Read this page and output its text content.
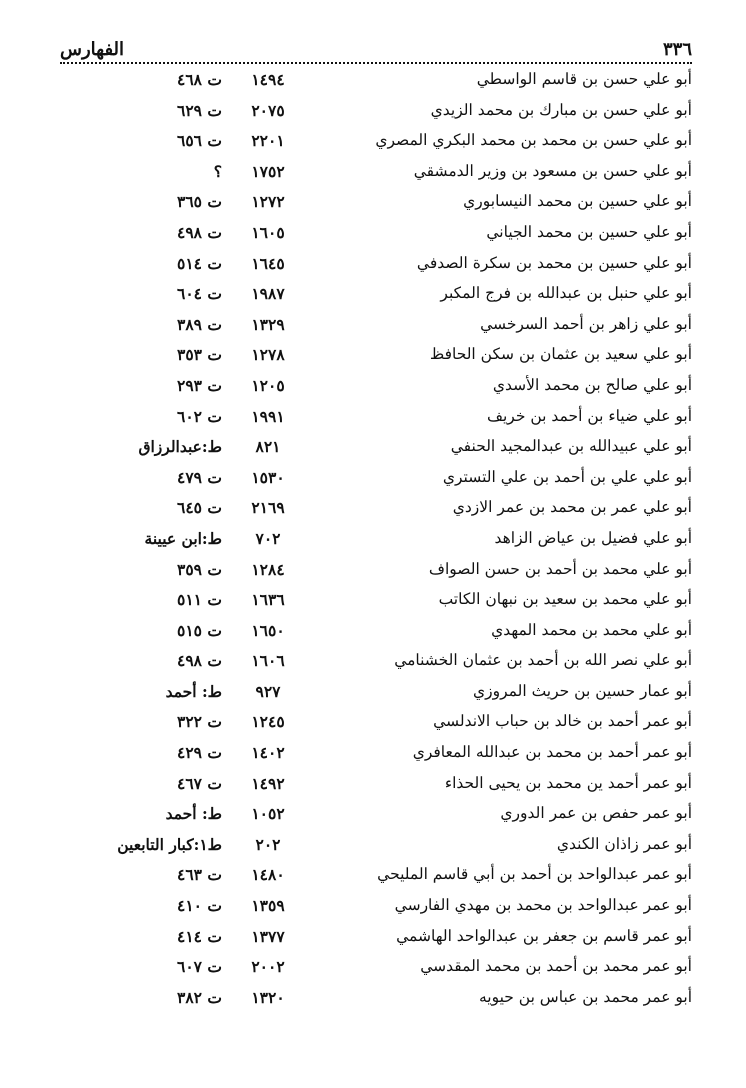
الفهارس	٣٣٦
أبو علي حسن بن قاسم الواسطي
١٤٩٤
ت ٤٦٨
أبو علي حسن بن مبارك بن محمد الزيدي
٢٠٧٥
ت ٦٢٩
أبو علي حسن بن محمد بن محمد البكري المصري
٢٢٠١
ت ٦٥٦
أبو علي حسن بن مسعود بن وزير الدمشقي
١٧٥٢
؟
أبو علي حسين بن محمد النيسابوري
١٢٧٢
ت ٣٦٥
أبو علي حسين بن محمد الجياني
١٦٠٥
ت ٤٩٨
أبو علي حسين بن محمد بن سكرة الصدفي
١٦٤٥
ت ٥١٤
أبو علي حنبل بن عبدالله بن فرج المكبر
١٩٨٧
ت ٦٠٤
أبو علي زاهر بن أحمد السرخسي
١٣٢٩
ت ٣٨٩
أبو علي سعيد بن عثمان بن سكن الحافظ
١٢٧٨
ت ٣٥٣
أبو علي صالح بن محمد الأسدي
١٢٠٥
ت ٢٩٣
أبو علي ضياء بن أحمد بن خريف
١٩٩١
ت ٦٠٢
أبو علي عبيدالله بن عبدالمجيد الحنفي
٨٢١
ط:عبدالرزاق
أبو علي علي بن أحمد بن علي التستري
١٥٣٠
ت ٤٧٩
أبو علي عمر بن محمد بن عمر الازدي
٢١٦٩
ت ٦٤٥
أبو علي فضيل بن عياض الزاهد
٧٠٢
ط:ابن عيينة
أبو علي محمد بن أحمد بن حسن الصواف
١٢٨٤
ت ٣٥٩
أبو علي محمد بن سعيد بن نبهان الكاتب
١٦٣٦
ت ٥١١
أبو علي محمد بن محمد المهدي
١٦٥٠
ت ٥١٥
أبو علي نصر الله بن أحمد بن عثمان الخشنامي
١٦٠٦
ت ٤٩٨
أبو عمار حسين بن حريث المروزي
٩٢٧
ط: أحمد
أبو عمر أحمد بن خالد بن حباب الاندلسي
١٢٤٥
ت ٣٢٢
أبو عمر أحمد بن محمد بن عبدالله المعافري
١٤٠٢
ت ٤٢٩
أبو عمر أحمد ين محمد بن يحيى الحذاء
١٤٩٢
ت ٤٦٧
أبو عمر حفص بن عمر الدوري
١٠٥٢
ط: أحمد
أبو عمر زاذان الكندي
٢٠٢
ط١:كبار التابعين
أبو عمر عبدالواحد بن أحمد بن أبي قاسم المليحي
١٤٨٠
ت ٤٦٣
أبو عمر عبدالواحد بن محمد بن مهدي الفارسي
١٣٥٩
ت ٤١٠
أبو عمر قاسم بن جعفر بن عبدالواحد الهاشمي
١٣٧٧
ت ٤١٤
أبو عمر محمد بن أحمد بن محمد المقدسي
٢٠٠٢
ت ٦٠٧
أبو عمر محمد بن عباس بن حيويه
١٣٢٠
ت ٣٨٢
